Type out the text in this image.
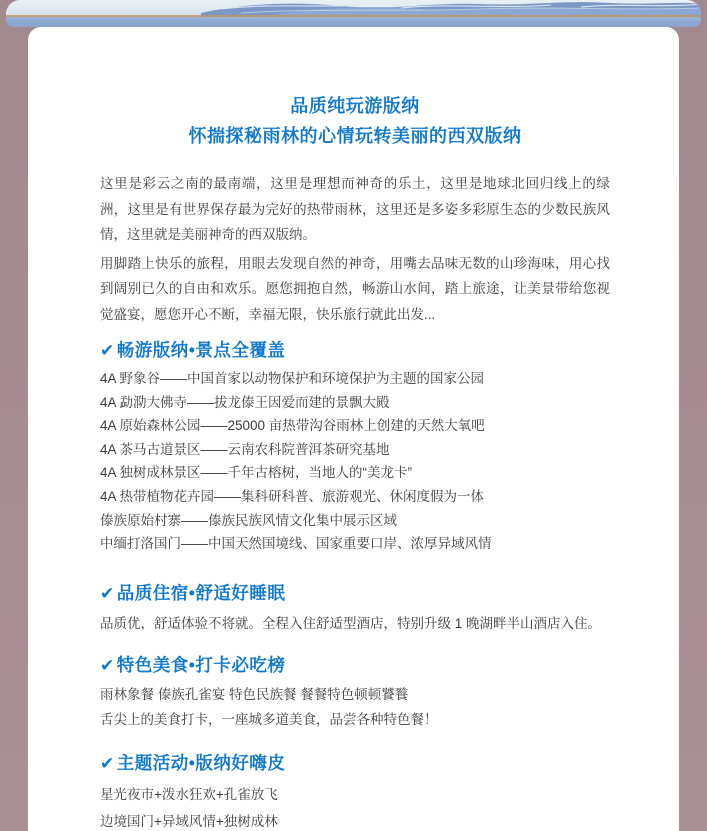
品质纯玩游版纳
怀揣探秘雨林的心情玩转美丽的西双版纳

这里是彩云之南的最南端，这里是理想而神奇的乐土，这里是地球北回归线上的绿洲，这里是有世界保存最为完好的热带雨林，这里还是多姿多彩原生态的少数民族风情，这里就是美丽神奇的西双版纳。

用脚踏上快乐的旅程，用眼去发现自然的神奇，用嘴去品味无数的山珍海味，用心找到阔别已久的自由和欢乐。愿您拥抱自然，畅游山水间，踏上旅途，让美景带给您视觉盛宴，愿您开心不断，幸福无限，快乐旅行就此出发...

✔ 畅游版纳•景点全覆盖

4A 野象谷——中国首家以动物保护和环境保护为主题的国家公园

4A 勐泐大佛寺——拔龙傣王因爱而建的景飘大殿

4A 原始森林公园——25000 亩热带沟谷雨林上创建的天然大氧吧

4A 茶马古道景区——云南农科院普洱茶研究基地

4A 独树成林景区——千年古榕树，当地人的“美龙卡”

4A 热带植物花卉园——集科研科普、旅游观光、休闲度假为一体

傣族原始村寨——傣族民族风情文化集中展示区域

中缅打洛国门——中国天然国境线、国家重要口岸、浓厚异域风情

✔ 品质住宿•舒适好睡眠

品质优，舒适体验不将就。全程入住舒适型酒店，特别升级 1 晚湖畔半山酒店入住。

✔ 特色美食•打卡必吃榜

雨林象餐 傣族孔雀宴 特色民族餐 餐餐特色顿顿饕餮

舌尖上的美食打卡，一座城多道美食，品尝各种特色餐！

✔ 主题活动•版纳好嗨皮

星光夜市+泼水狂欢+孔雀放飞

边境国门+异域风情+独树成林
